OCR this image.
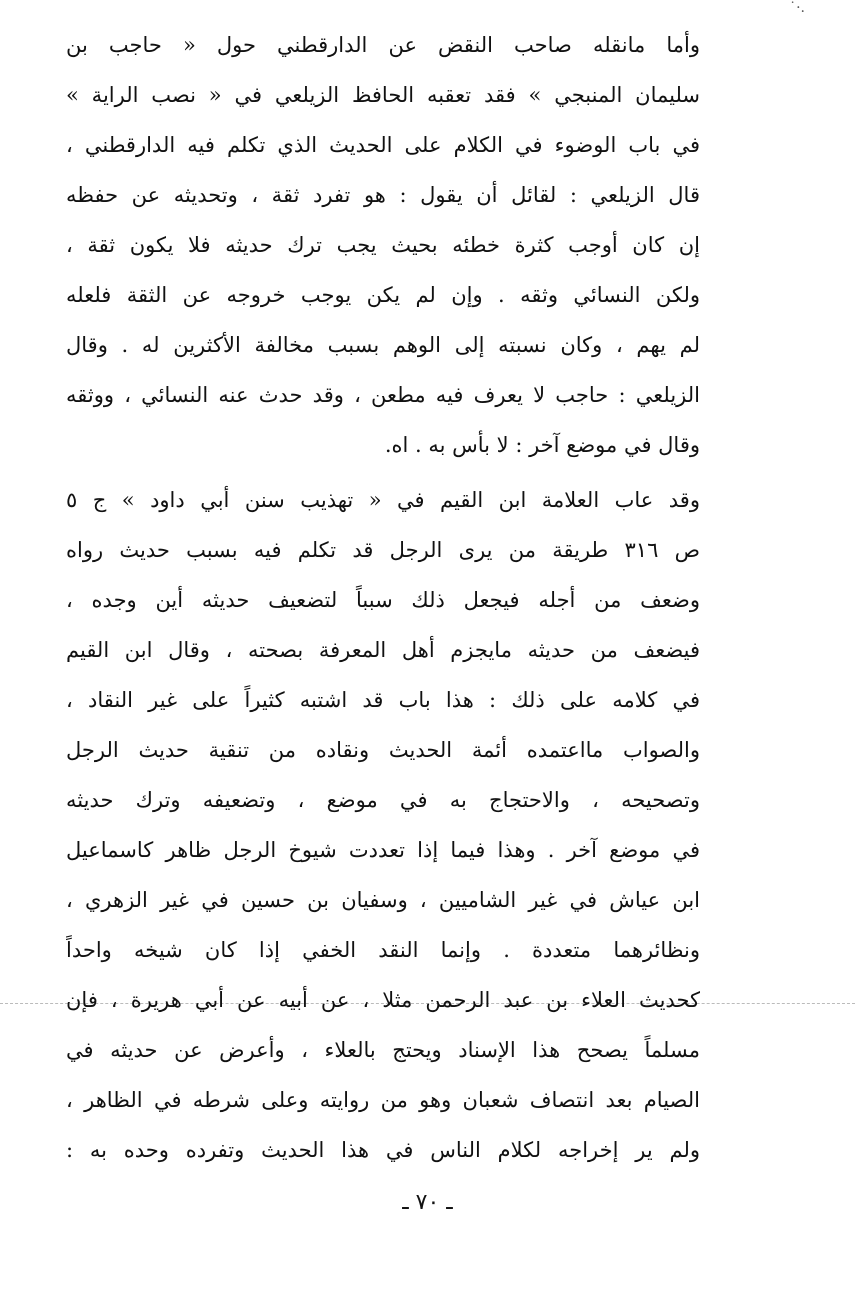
˙·.
وأما مانقله صاحب النقض عن الدارقطني حول « حاجب بن
سليمان المنبجي » فقد تعقبه الحافظ الزيلعي في « نصب الراية »
في باب الوضوء في الكلام على الحديث الذي تكلم فيه الدارقطني ،
قال الزيلعي : لقائل أن يقول : هو تفرد ثقة ، وتحديثه عن حفظه
إن كان أوجب كثرة خطئه بحيث يجب ترك حديثه فلا يكون ثقة ،
ولكن النسائي وثقه . وإن لم يكن يوجب خروجه عن الثقة فلعله
لم يهم ، وكان نسبته إلى الوهم بسبب مخالفة الأكثرين له . وقال
الزيلعي : حاجب لا يعرف فيه مطعن ، وقد حدث عنه النسائي ، ووثقه
وقال في موضع آخر : لا بأس به . اه.
وقد عاب العلامة ابن القيم في « تهذيب سنن أبي داود » ج ٥
ص ٣١٦ طريقة من يرى الرجل قد تكلم فيه بسبب حديث رواه
وضعف من أجله فيجعل ذلك سبباً لتضعيف حديثه أين وجده ،
فيضعف من حديثه مايجزم أهل المعرفة بصحته ، وقال ابن القيم
في كلامه على ذلك : هذا باب قد اشتبه كثيراً على غير النقاد ،
والصواب مااعتمده أئمة الحديث ونقاده من تنقية حديث الرجل
وتصحيحه ، والاحتجاج به في موضع ، وتضعيفه وترك حديثه
في موضع آخر . وهذا فيما إذا تعددت شيوخ الرجل ظاهر كاسماعيل
ابن عياش في غير الشاميين ، وسفيان بن حسين في غير الزهري ،
ونظائرهما متعددة . وإنما النقد الخفي إذا كان شيخه واحداً
كحديث العلاء بن عبد الرحمن مثلا ، عن أبيه عن أبي هريرة ، فإن
مسلماً يصحح هذا الإسناد ويحتج بالعلاء ، وأعرض عن حديثه في
الصيام بعد انتصاف شعبان وهو من روايته وعلى شرطه في الظاهر ،
ولم ير إخراجه لكلام الناس في هذا الحديث وتفرده وحده به :
ـ ٧٠ ـ
